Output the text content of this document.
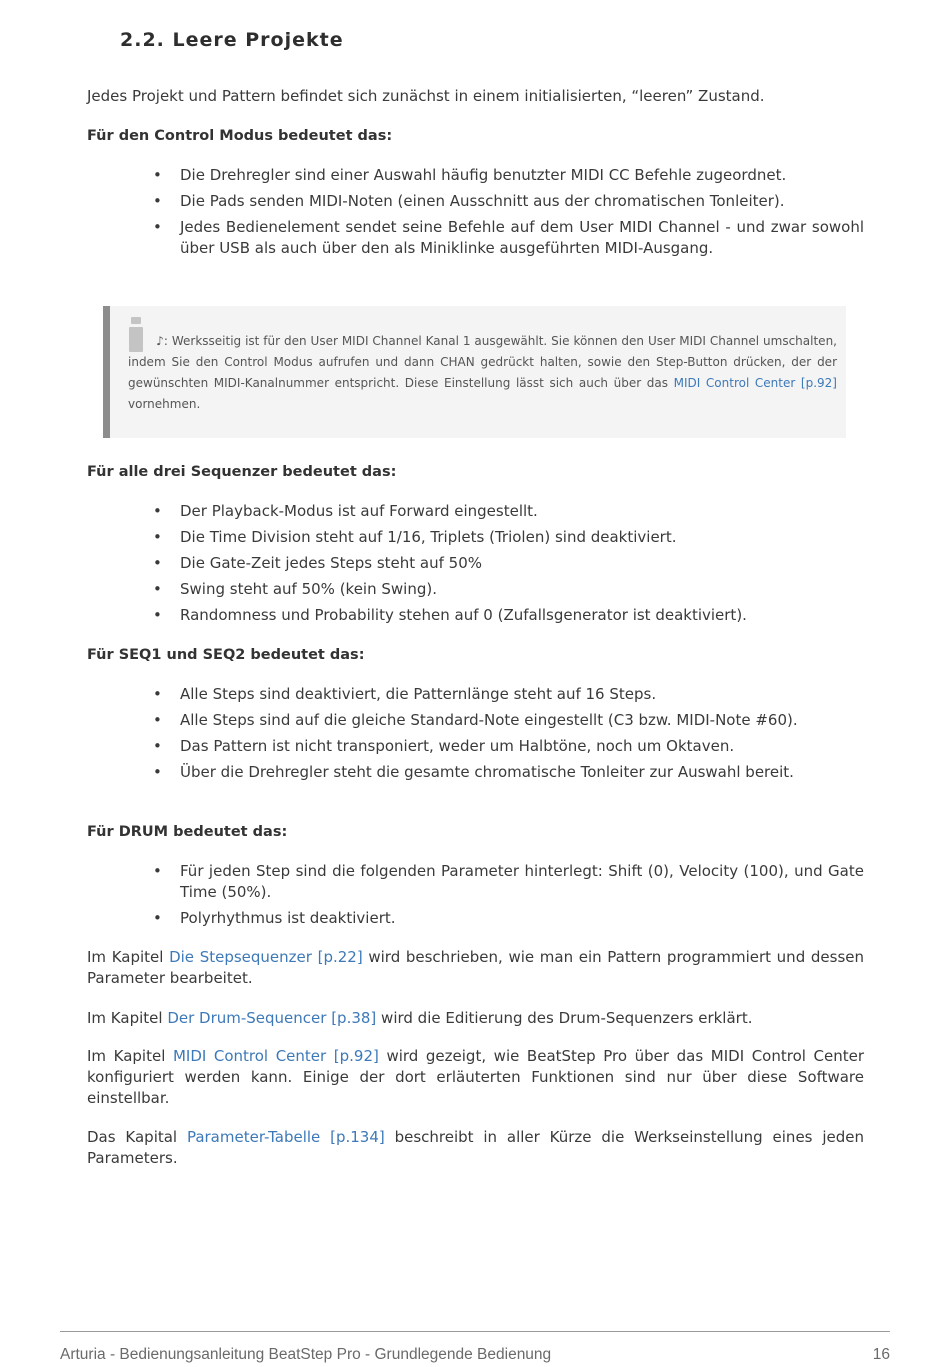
2.2. Leere Projekte

Jedes Projekt und Pattern befindet sich zunächst in einem initialisierten, “leeren” Zustand.

Für den Control Modus bedeutet das:

• Die Drehregler sind einer Auswahl häufig benutzter MIDI CC Befehle zugeordnet.
• Die Pads senden MIDI-Noten (einen Ausschnitt aus der chromatischen Tonleiter).
• Jedes Bedienelement sendet seine Befehle auf dem User MIDI Channel - und zwar sowohl über USB als auch über den als Miniklinke ausgeführten MIDI-Ausgang.

♪: Werksseitig ist für den User MIDI Channel Kanal 1 ausgewählt. Sie können den User MIDI Channel umschalten, indem Sie den Control Modus aufrufen und dann CHAN gedrückt halten, sowie den Step-Button drücken, der der gewünschten MIDI-Kanalnummer entspricht. Diese Einstellung lässt sich auch über das MIDI Control Center [p.92] vornehmen.

Für alle drei Sequenzer bedeutet das:

• Der Playback-Modus ist auf Forward eingestellt.
• Die Time Division steht auf 1/16, Triplets (Triolen) sind deaktiviert.
• Die Gate-Zeit jedes Steps steht auf 50%
• Swing steht auf 50% (kein Swing).
• Randomness und Probability stehen auf 0 (Zufallsgenerator ist deaktiviert).

Für SEQ1 und SEQ2 bedeutet das:

• Alle Steps sind deaktiviert, die Patternlänge steht auf 16 Steps.
• Alle Steps sind auf die gleiche Standard-Note eingestellt (C3 bzw. MIDI-Note #60).
• Das Pattern ist nicht transponiert, weder um Halbtöne, noch um Oktaven.
• Über die Drehregler steht die gesamte chromatische Tonleiter zur Auswahl bereit.

Für DRUM bedeutet das:

• Für jeden Step sind die folgenden Parameter hinterlegt: Shift (0), Velocity (100), und Gate Time (50%).
• Polyrhythmus ist deaktiviert.

Im Kapitel Die Stepsequenzer [p.22] wird beschrieben, wie man ein Pattern programmiert und dessen Parameter bearbeitet.

Im Kapitel Der Drum-Sequencer [p.38] wird die Editierung des Drum-Sequenzers erklärt.

Im Kapitel MIDI Control Center [p.92] wird gezeigt, wie BeatStep Pro über das MIDI Control Center konfiguriert werden kann. Einige der dort erläuterten Funktionen sind nur über diese Software einstellbar.

Das Kapital Parameter-Tabelle [p.134] beschreibt in aller Kürze die Werkseinstellung eines jeden Parameters.

Arturia - Bedienungsanleitung BeatStep Pro - Grundlegende Bedienung	16
